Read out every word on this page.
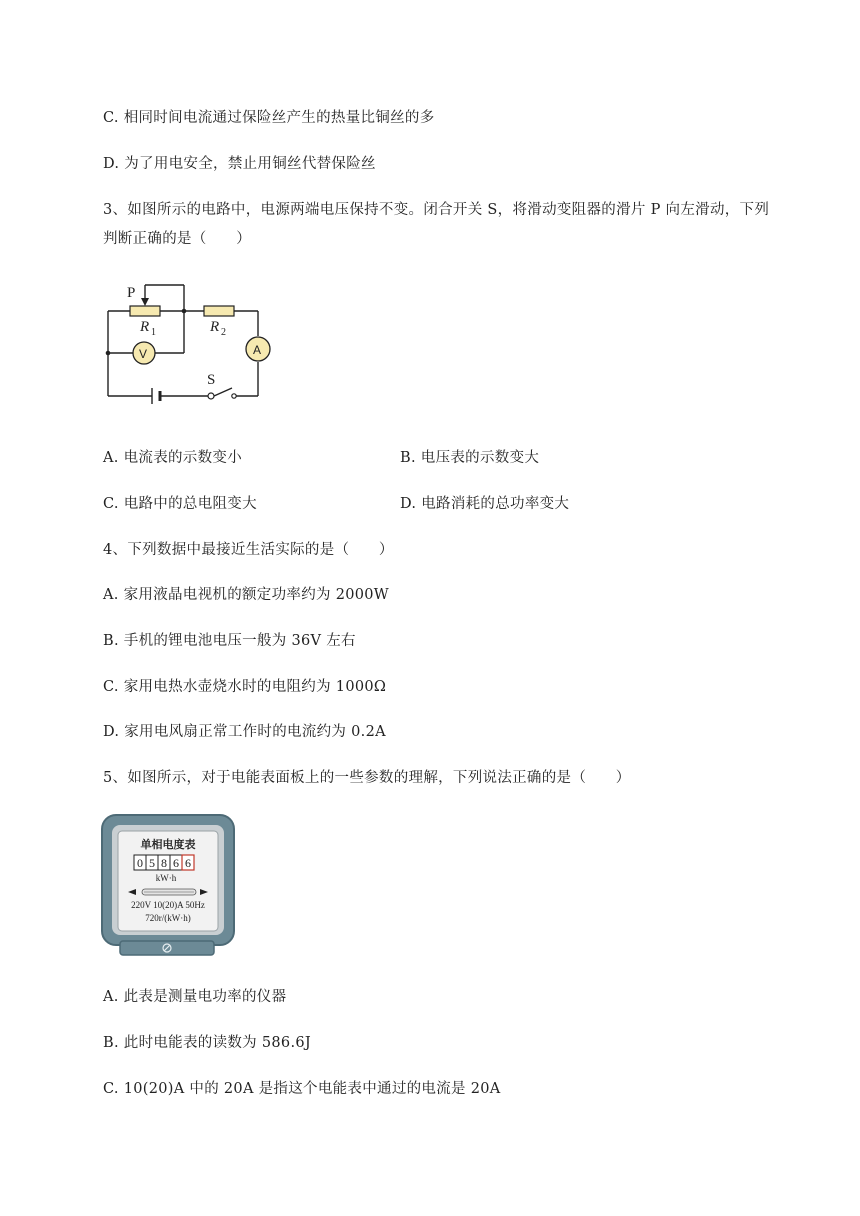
C. 相同时间电流通过保险丝产生的热量比铜丝的多
D. 为了用电安全，禁止用铜丝代替保险丝
3、如图所示的电路中，电源两端电压保持不变。闭合开关 S，将滑动变阻器的滑片 P 向左滑动，下列
判断正确的是（　　）
P
R 1	R 2
V	A
S
A. 电流表的示数变小	B. 电压表的示数变大
C. 电路中的总电阻变大	D. 电路消耗的总功率变大
4、下列数据中最接近生活实际的是（　　）
A. 家用液晶电视机的额定功率约为 2000W
B. 手机的锂电池电压一般为 36V 左右
C. 家用电热水壶烧水时的电阻约为 1000Ω
D. 家用电风扇正常工作时的电流约为 0.2A
5、如图所示，对于电能表面板上的一些参数的理解，下列说法正确的是（　　）
单相电度表
0 5 8 6 6
kW·h
220V 10(20)A 50Hz
720r/(kW·h)
A. 此表是测量电功率的仪器
B. 此时电能表的读数为 586.6J
C. 10(20)A 中的 20A 是指这个电能表中通过的电流是 20A
